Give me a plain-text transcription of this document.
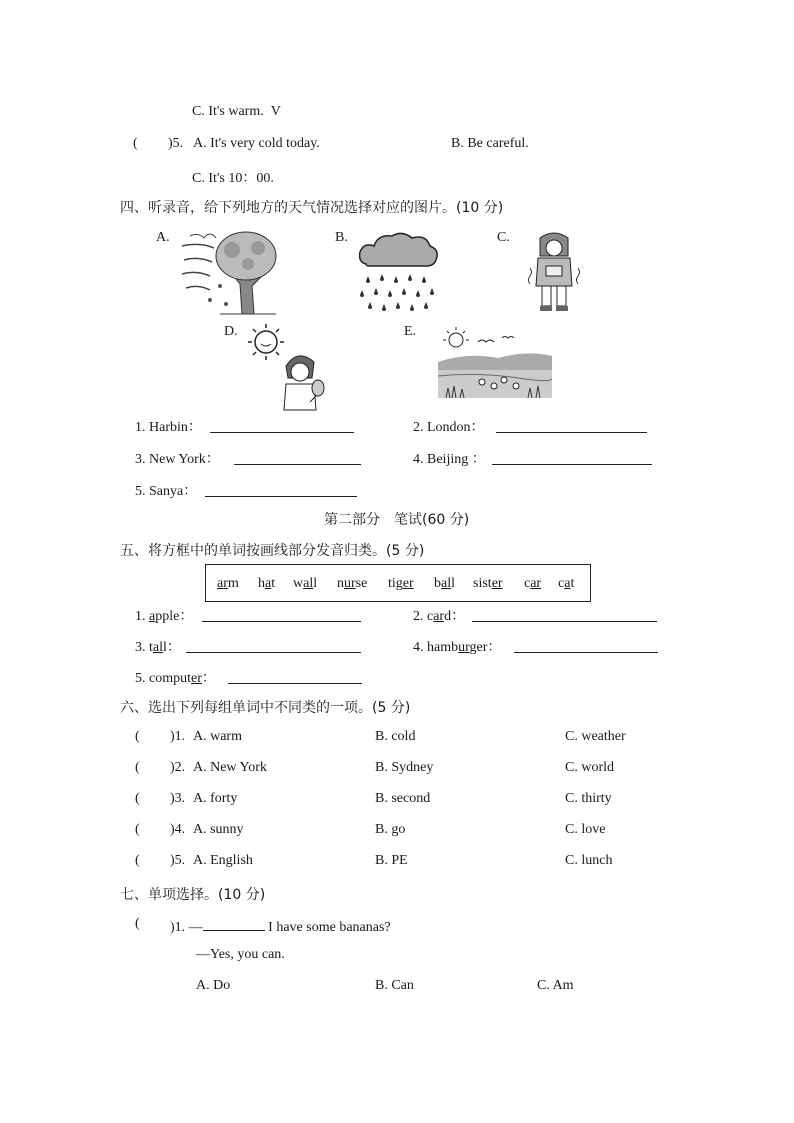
C. It's warm. V
( )5. A. It's very cold today.	B. Be careful.
C. It's 10：00.
四、听录音，给下列地方的天气情况选择对应的图片。(10 分)
A.	B.	C.
D.	E.
1. Harbin：	2. London：
3. New York：	4. Beijing ：
5. Sanya：
第二部分　笔试(60 分)
五、将方框中的单词按画线部分发音归类。(5 分)
arm hat wall nurse tiger ball sister car cat
1. apple：	2. card：
3. tall：	4. hamburger：
5. computer：
六、选出下列每组单词中不同类的一项。(5 分)
( )1. A. warm	B. cold	C. weather
( )2. A. New York	B. Sydney	C. world
( )3. A. forty	B. second	C. thirty
( )4. A. sunny	B. go	C. love
( )5. A. English	B. PE	C. lunch
七、单项选择。(10 分)
( )1. —	I have some bananas?
—Yes, you can.
A. Do	B. Can	C. Am
